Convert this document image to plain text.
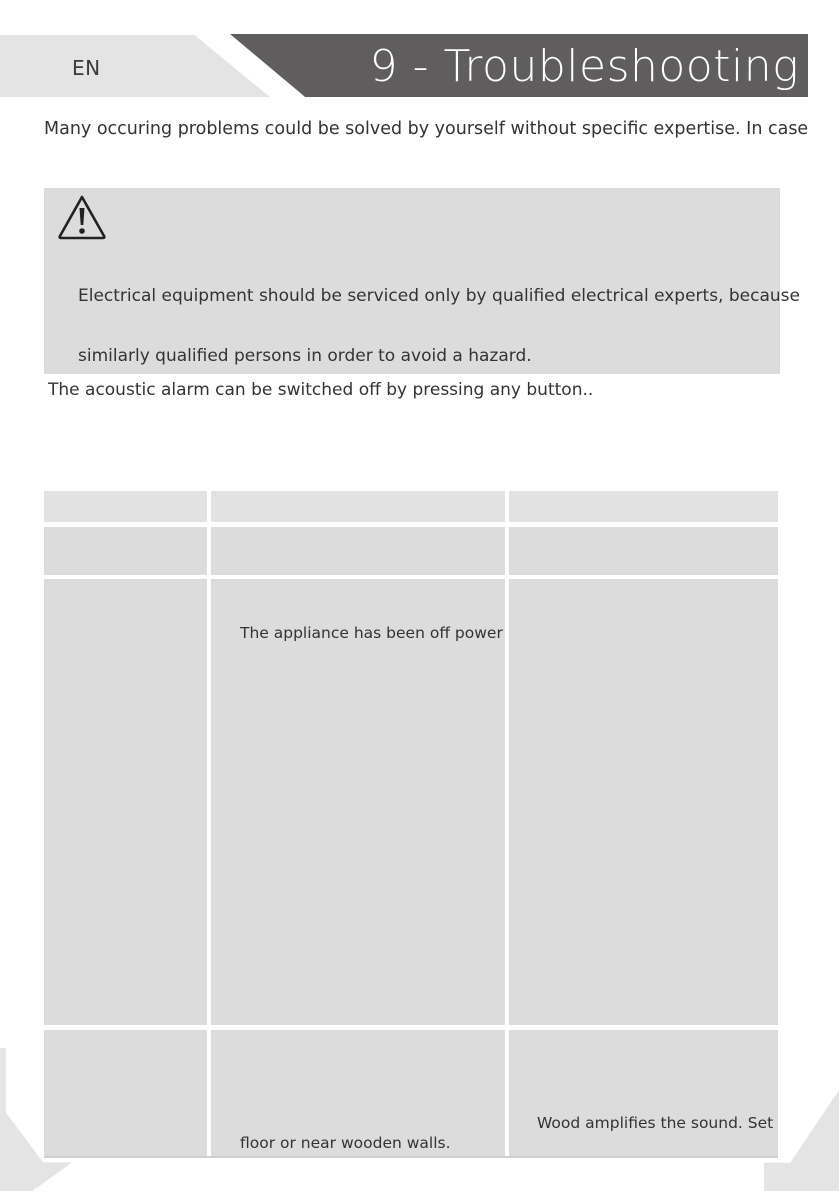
EN	9 - Troubleshooting
Many occuring problems could be solved by yourself without specific expertise. In case
Electrical equipment should be serviced only by qualified electrical experts, because
similarly qualified persons in order to avoid a hazard.
The acoustic alarm can be switched off by pressing any button..
The appliance has been off power
floor or near wooden walls.
Wood amplifies the sound. Set
